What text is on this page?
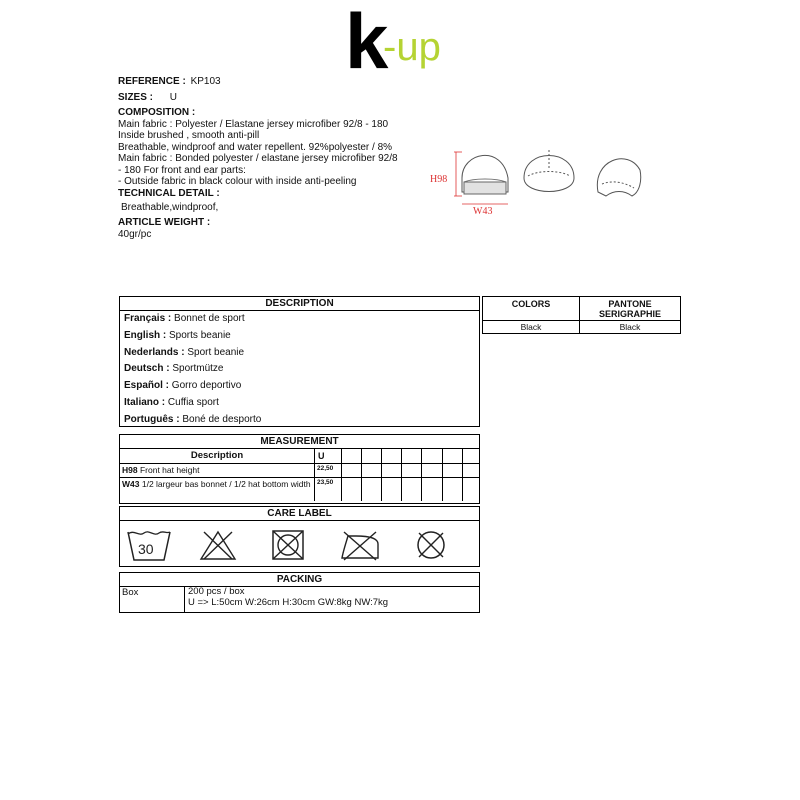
k
-up
REFERENCE : KP103
SIZES : U
COMPOSITION :
Main fabric : Polyester / Elastane jersey microfiber 92/8 - 180
Inside brushed , smooth anti-pill
Breathable, windproof and water repellent. 92%polyester / 8%
Main fabric : Bonded polyester / elastane jersey microfiber 92/8
- 180 For front and ear parts:
- Outside fabric in black colour with inside anti-peeling
TECHNICAL DETAIL :
Breathable,windproof,
ARTICLE WEIGHT :
40gr/pc
H98
W43
DESCRIPTION
Français : Bonnet de sport
English : Sports beanie
Nederlands : Sport beanie
Deutsch : Sportmütze
Español : Gorro deportivo
Italiano : Cuffia sport
Português : Boné de desporto
COLORS	PANTONE SERIGRAPHIE
Black	Black
MEASUREMENT
Description	U							
H98 Front hat height	22,50							
W43 1/2 largeur bas bonnet / 1/2 hat bottom width	23,50							
CARE LABEL
30
PACKING
Box	200 pcs / box
U => L:50cm W:26cm H:30cm GW:8kg NW:7kg
